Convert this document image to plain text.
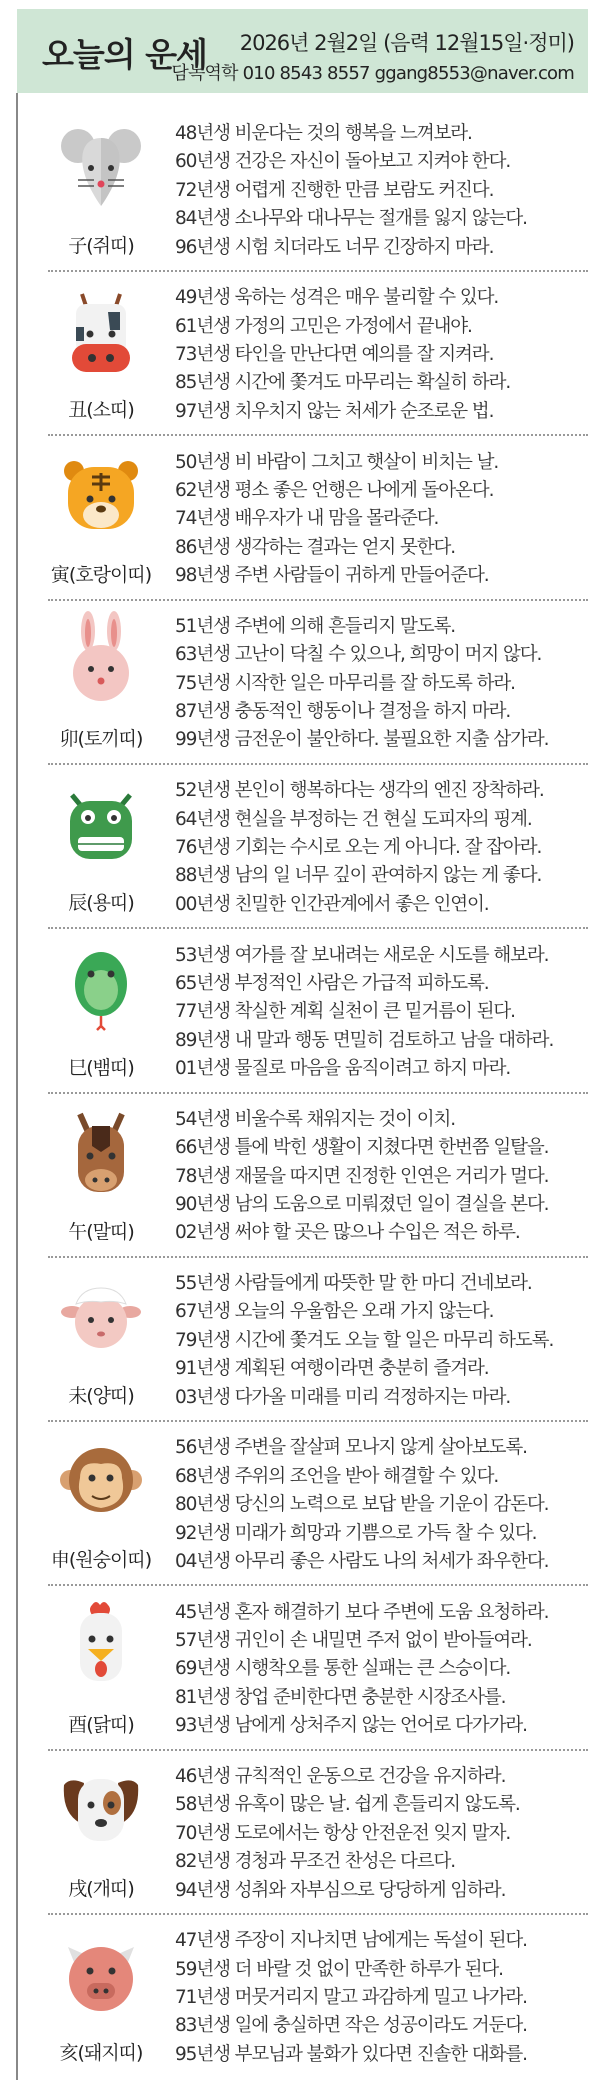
오늘의 운세 2026년 2월2일 (음력 12월15일·정미)
담녹역학 010 8543 8557 ggang8553@naver.com
子(쥐띠)
48년생 비운다는 것의 행복을 느껴보라.
60년생 건강은 자신이 돌아보고 지켜야 한다.
72년생 어렵게 진행한 만큼 보람도 커진다.
84년생 소나무와 대나무는 절개를 잃지 않는다.
96년생 시험 치더라도 너무 긴장하지 마라.
丑(소띠)
49년생 욱하는 성격은 매우 불리할 수 있다.
61년생 가정의 고민은 가정에서 끝내야.
73년생 타인을 만난다면 예의를 잘 지켜라.
85년생 시간에 쫓겨도 마무리는 확실히 하라.
97년생 치우치지 않는 처세가 순조로운 법.
寅(호랑이띠)
50년생 비 바람이 그치고 햇살이 비치는 날.
62년생 평소 좋은 언행은 나에게 돌아온다.
74년생 배우자가 내 맘을 몰라준다.
86년생 생각하는 결과는 얻지 못한다.
98년생 주변 사람들이 귀하게 만들어준다.
卯(토끼띠)
51년생 주변에 의해 흔들리지 말도록.
63년생 고난이 닥칠 수 있으나, 희망이 머지 않다.
75년생 시작한 일은 마무리를 잘 하도록 하라.
87년생 충동적인 행동이나 결정을 하지 마라.
99년생 금전운이 불안하다. 불필요한 지출 삼가라.
辰(용띠)
52년생 본인이 행복하다는 생각의 엔진 장착하라.
64년생 현실을 부정하는 건 현실 도피자의 핑계.
76년생 기회는 수시로 오는 게 아니다. 잘 잡아라.
88년생 남의 일 너무 깊이 관여하지 않는 게 좋다.
00년생 친밀한 인간관계에서 좋은 인연이.
巳(뱀띠)
53년생 여가를 잘 보내려는 새로운 시도를 해보라.
65년생 부정적인 사람은 가급적 피하도록.
77년생 착실한 계획 실천이 큰 밑거름이 된다.
89년생 내 말과 행동 면밀히 검토하고 남을 대하라.
01년생 물질로 마음을 움직이려고 하지 마라.
午(말띠)
54년생 비울수록 채워지는 것이 이치.
66년생 틀에 박힌 생활이 지쳤다면 한번쯤 일탈을.
78년생 재물을 따지면 진정한 인연은 거리가 멀다.
90년생 남의 도움으로 미뤄졌던 일이 결실을 본다.
02년생 써야 할 곳은 많으나 수입은 적은 하루.
未(양띠)
55년생 사람들에게 따뜻한 말 한 마디 건네보라.
67년생 오늘의 우울함은 오래 가지 않는다.
79년생 시간에 쫓겨도 오늘 할 일은 마무리 하도록.
91년생 계획된 여행이라면 충분히 즐겨라.
03년생 다가올 미래를 미리 걱정하지는 마라.
申(원숭이띠)
56년생 주변을 잘살펴 모나지 않게 살아보도록.
68년생 주위의 조언을 받아 해결할 수 있다.
80년생 당신의 노력으로 보답 받을 기운이 감돈다.
92년생 미래가 희망과 기쁨으로 가득 찰 수 있다.
04년생 아무리 좋은 사람도 나의 처세가 좌우한다.
酉(닭띠)
45년생 혼자 해결하기 보다 주변에 도움 요청하라.
57년생 귀인이 손 내밀면 주저 없이 받아들여라.
69년생 시행착오를 통한 실패는 큰 스승이다.
81년생 창업 준비한다면 충분한 시장조사를.
93년생 남에게 상처주지 않는 언어로 다가가라.
戌(개띠)
46년생 규칙적인 운동으로 건강을 유지하라.
58년생 유혹이 많은 날. 쉽게 흔들리지 않도록.
70년생 도로에서는 항상 안전운전 잊지 말자.
82년생 경청과 무조건 찬성은 다르다.
94년생 성취와 자부심으로 당당하게 임하라.
亥(돼지띠)
47년생 주장이 지나치면 남에게는 독설이 된다.
59년생 더 바랄 것 없이 만족한 하루가 된다.
71년생 머뭇거리지 말고 과감하게 밀고 나가라.
83년생 일에 충실하면 작은 성공이라도 거둔다.
95년생 부모님과 불화가 있다면 진솔한 대화를.
